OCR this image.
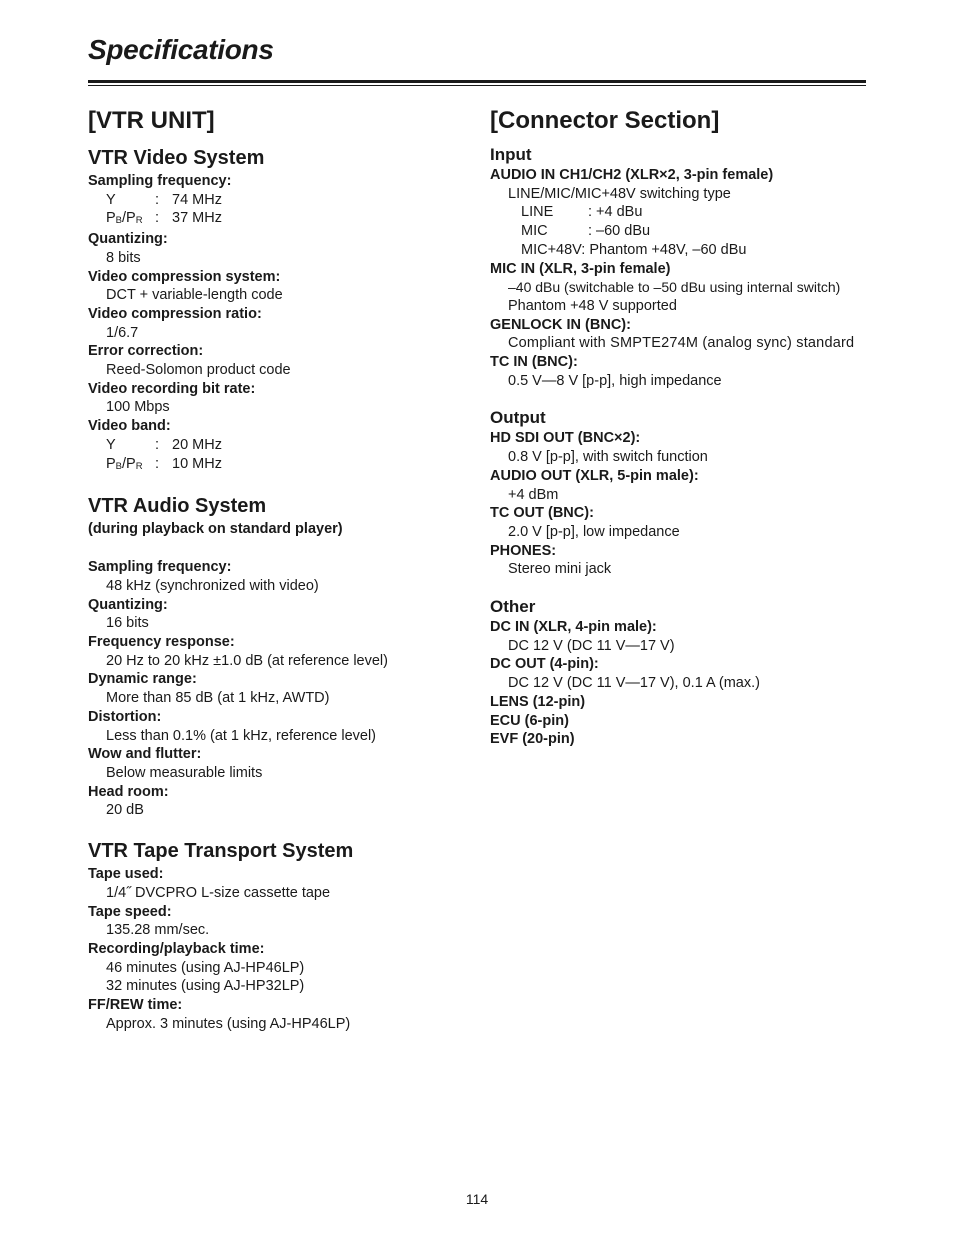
Specifications
[VTR UNIT]
VTR Video System

Sampling frequency:

Y	: 74 MHz

$P_B/P_R$ : 37 MHz

Quantizing:

8 bits

Video compression system:

DCT + variable-length code

Video compression ratio:

1/6.7

Error correction:

Reed-Solomon product code

Video recording bit rate:

100 Mbps

Video band:

Y	: 20 MHz

$P_B/P_R$ : 10 MHz

VTR Audio System

(during playback on standard player)

Sampling frequency:

48 kHz (synchronized with video)

Quantizing:

16 bits

Frequency response:

20 Hz to 20 kHz ±1.0 dB (at reference level)

Dynamic range:

More than 85 dB (at 1 kHz, AWTD)

Distortion:

Less than 0.1% (at 1 kHz, reference level)

Wow and flutter:

Below measurable limits

Head room:

20 dB

VTR Tape Transport System

Tape used:

1/4˝ DVCPRO L-size cassette tape

Tape speed:

135.28 mm/sec.

Recording/playback time:

46 minutes (using AJ-HP46LP)

32 minutes (using AJ-HP32LP)

FF/REW time:

Approx. 3 minutes (using AJ-HP46LP)

[Connector Section]
Input

AUDIO IN CH1/CH2 (XLR×2, 3-pin female)

LINE/MIC/MIC+48V switching type

LINE	: +4 dBu

MIC	: –60 dBu

MIC+48V: Phantom +48V, –60 dBu

MIC IN (XLR, 3-pin female)

–40 dBu (switchable to –50 dBu using internal switch)

Phantom +48 V supported

GENLOCK IN (BNC):

Compliant with SMPTE274M (analog sync) standard

TC IN (BNC):

0.5 V—8 V [p-p], high impedance

Output

HD SDI OUT (BNC×2):

0.8 V [p-p], with switch function

AUDIO OUT (XLR, 5-pin male):

+4 dBm

TC OUT (BNC):

2.0 V [p-p], low impedance

PHONES:

Stereo mini jack

Other

DC IN (XLR, 4-pin male):

DC 12 V (DC 11 V—17 V)

DC OUT (4-pin):

DC 12 V (DC 11 V—17 V), 0.1 A (max.)

LENS (12-pin)

ECU (6-pin)

EVF (20-pin)

114
